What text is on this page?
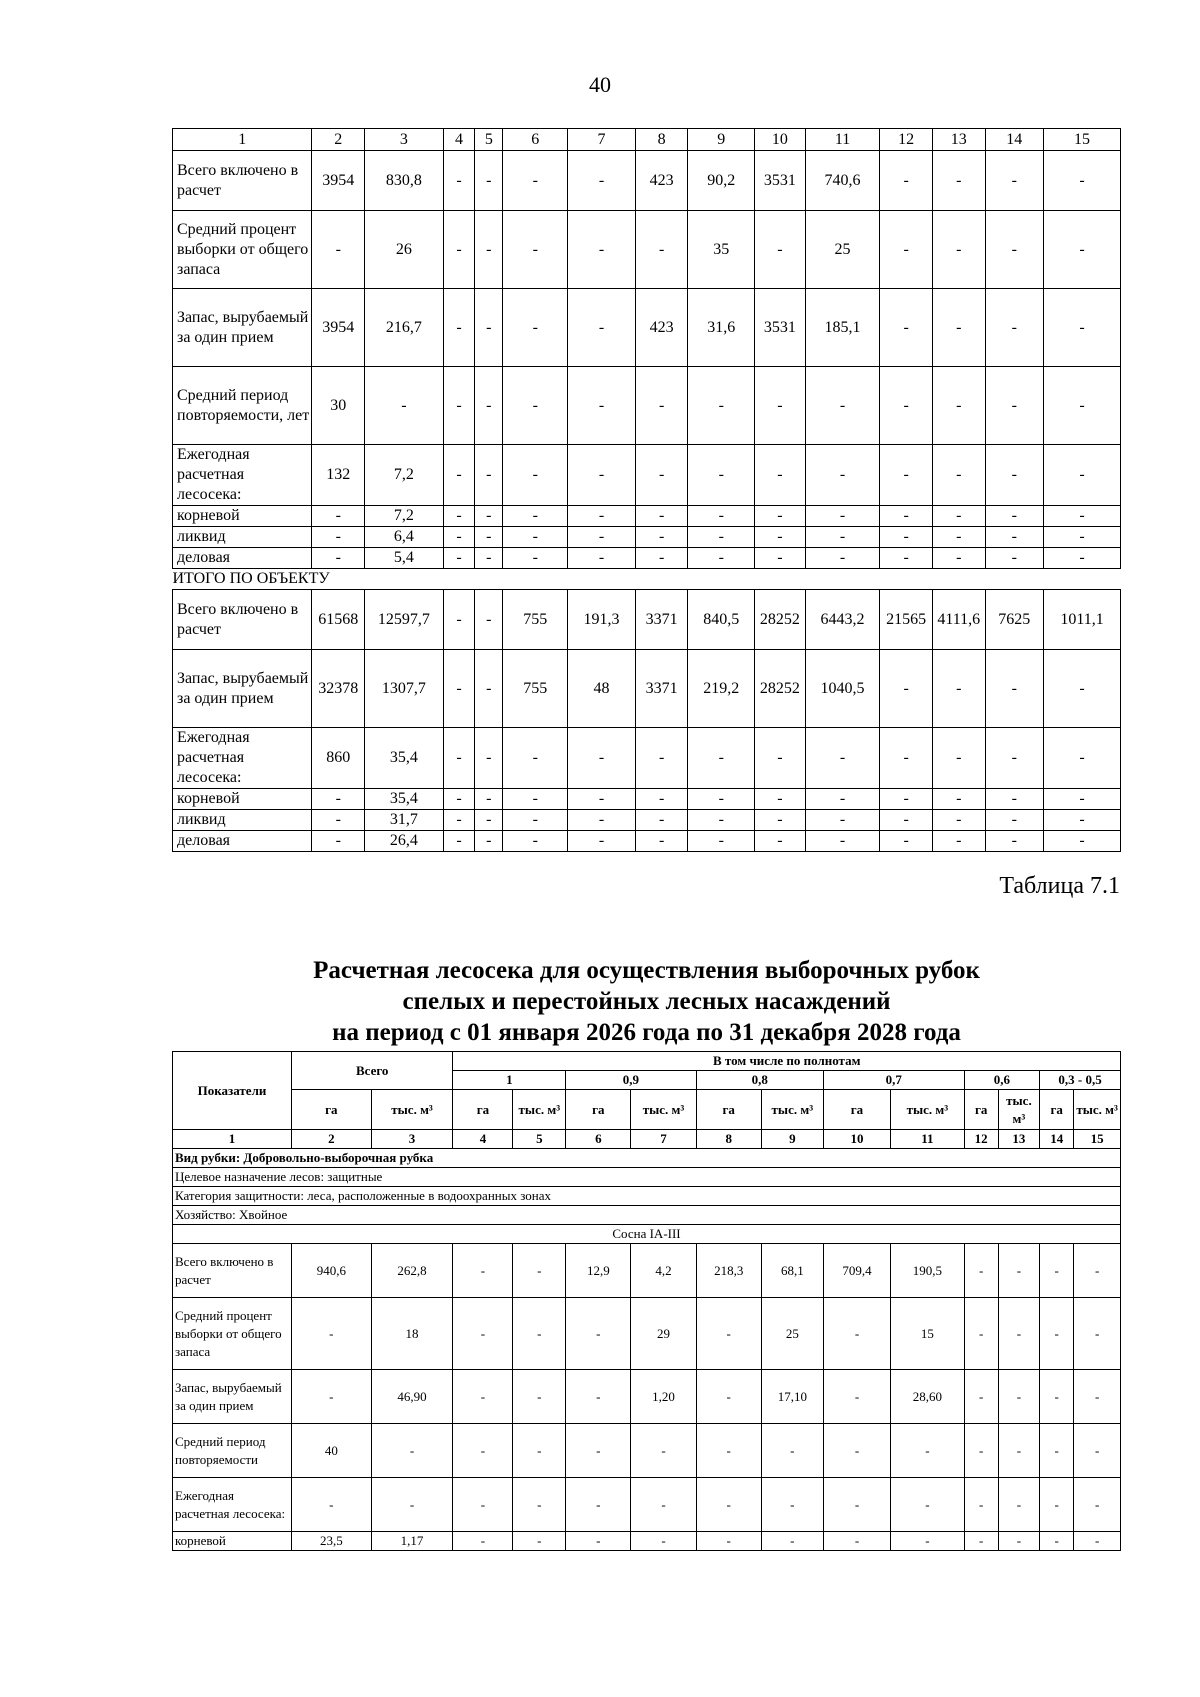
40
1	2	3	4	5	6	7	8	9	10	11	12	13	14	15
Всего включено в расчет	3954	830,8	-	-	-	-	423	90,2	3531	740,6	-	-	-	-
Средний процент выборки от общего запаса	-	26	-	-	-	-	-	35	-	25	-	-	-	-
Запас, вырубаемый за один прием	3954	216,7	-	-	-	-	423	31,6	3531	185,1	-	-	-	-
Средний период повторяемости, лет	30	-	-	-	-	-	-	-	-	-	-	-	-	-
Ежегодная расчетная лесосека:	132	7,2	-	-	-	-	-	-	-	-	-	-	-	-
корневой	-	7,2	-	-	-	-	-	-	-	-	-	-	-	-
ликвид	-	6,4	-	-	-	-	-	-	-	-	-	-	-	-
деловая	-	5,4	-	-	-	-	-	-	-	-	-	-	-	-
ИТОГО ПО ОБЪЕКТУ														
Всего включено в расчет	61568	12597,7	-	-	755	191,3	3371	840,5	28252	6443,2	21565	4111,6	7625	1011,1
Запас, вырубаемый за один прием	32378	1307,7	-	-	755	48	3371	219,2	28252	1040,5	-	-	-	-
Ежегодная расчетная лесосека:	860	35,4	-	-	-	-	-	-	-	-	-	-	-	-
корневой	-	35,4	-	-	-	-	-	-	-	-	-	-	-	-
ликвид	-	31,7	-	-	-	-	-	-	-	-	-	-	-	-
деловая	-	26,4	-	-	-	-	-	-	-	-	-	-	-	-
Таблица 7.1
Расчетная лесосека для осуществления выборочных рубок
спелых и перестойных лесных насаждений
на период с 01 января 2026 года по 31 декабря 2028 года
Показатели	Всего		В том числе по полнотам											
			1		0,9		0,8		0,7		0,6		0,3 - 0,5	
	га	тыс. м³	га	тыс. м³	га	тыс. м³	га	тыс. м³	га	тыс. м³	га	тыс. м³	га	тыс. м³
1	2	3	4	5	6	7	8	9	10	11	12	13	14	15
Вид рубки: Добровольно-выборочная рубка														
Целевое назначение лесов: защитные														
Категория защитности: леса, расположенные в водоохранных зонах														
Хозяйство: Хвойное														
Сосна IA-III														
Всего включено в расчет	940,6	262,8	-	-	12,9	4,2	218,3	68,1	709,4	190,5	-	-	-	-
Средний процент выборки от общего запаса	-	18	-	-	-	29	-	25	-	15	-	-	-	-
Запас, вырубаемый за один прием	-	46,90	-	-	-	1,20	-	17,10	-	28,60	-	-	-	-
Средний период повторяемости	40	-	-	-	-	-	-	-	-	-	-	-	-	-
Ежегодная расчетная лесосека:	-	-	-	-	-	-	-	-	-	-	-	-	-	-
корневой	23,5	1,17	-	-	-	-	-	-	-	-	-	-	-	-
